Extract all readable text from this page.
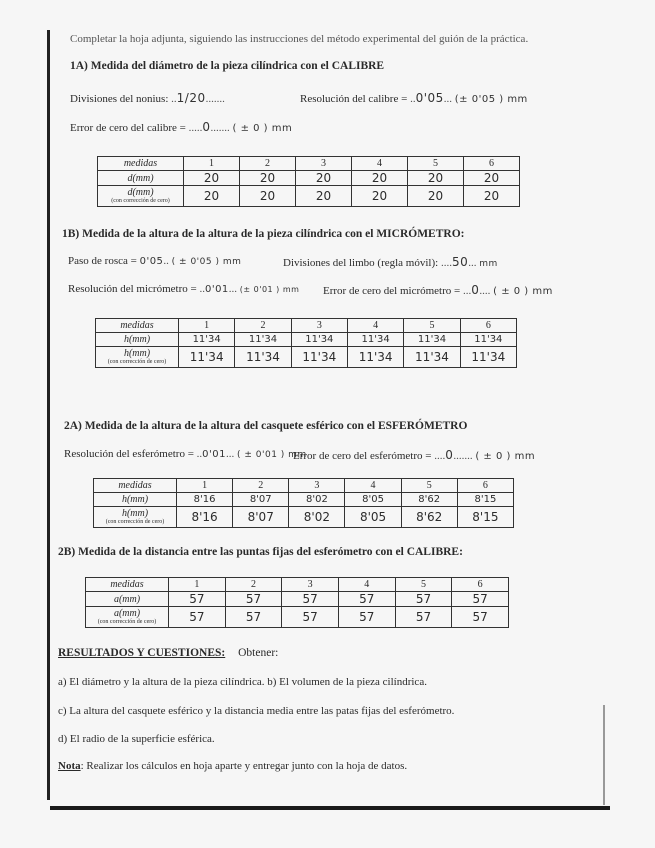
Completar la hoja adjunta, siguiendo las instrucciones del método experimental del guión de la práctica.
1A) Medida del diámetro de la pieza cilíndrica con el CALIBRE
Divisiones del nonius: ..1/20.......	Resolución del calibre = ..0'05... (± 0'05 ) mm
Error de cero del calibre = .....0....... ( ± 0 ) mm
medidas	1	2	3	4	5	6
d(mm)	20	20	20	20	20	20
d(mm)
(con corrección de cero)	20	20	20	20	20	20
1B) Medida de la altura de la altura de la pieza cilíndrica con el MICRÓMETRO:
Paso de rosca = 0'05.. ( ± 0'05 ) mm	Divisiones del limbo (regla móvil): ....50... mm
Resolución del micrómetro = ..0'01... (± 0'01 ) mm Error de cero del micrómetro = ...0.... ( ± 0 ) mm
medidas	1	2	3	4	5	6
h(mm)	11'34	11'34	11'34	11'34	11'34	11'34
h(mm)
(con corrección de cero)	11'34	11'34	11'34	11'34	11'34	11'34
2A) Medida de la altura de la altura del casquete esférico con el ESFERÓMETRO
Resolución del esferómetro = ..0'01... ( ± 0'01 ) mm
Error de cero del esferómetro = ....0....... ( ± 0 ) mm
medidas	1	2	3	4	5	6
h(mm)	8'16	8'07	8'02	8'05	8'62	8'15
h(mm)
(con corrección de cero)	8'16	8'07	8'02	8'05	8'62	8'15
2B) Medida de la distancia entre las puntas fijas del esferómetro con el CALIBRE:
medidas	1	2	3	4	5	6
a(mm)	57	57	57	57	57	57
a(mm)
(con corrección de cero)	57	57	57	57	57	57
RESULTADOS Y CUESTIONES: Obtener:
a) El diámetro y la altura de la pieza cilíndrica. b) El volumen de la pieza cilíndrica.
c) La altura del casquete esférico y la distancia media entre las patas fijas del esferómetro.
d) El radio de la superficie esférica.
Nota: Realizar los cálculos en hoja aparte y entregar junto con la hoja de datos.
